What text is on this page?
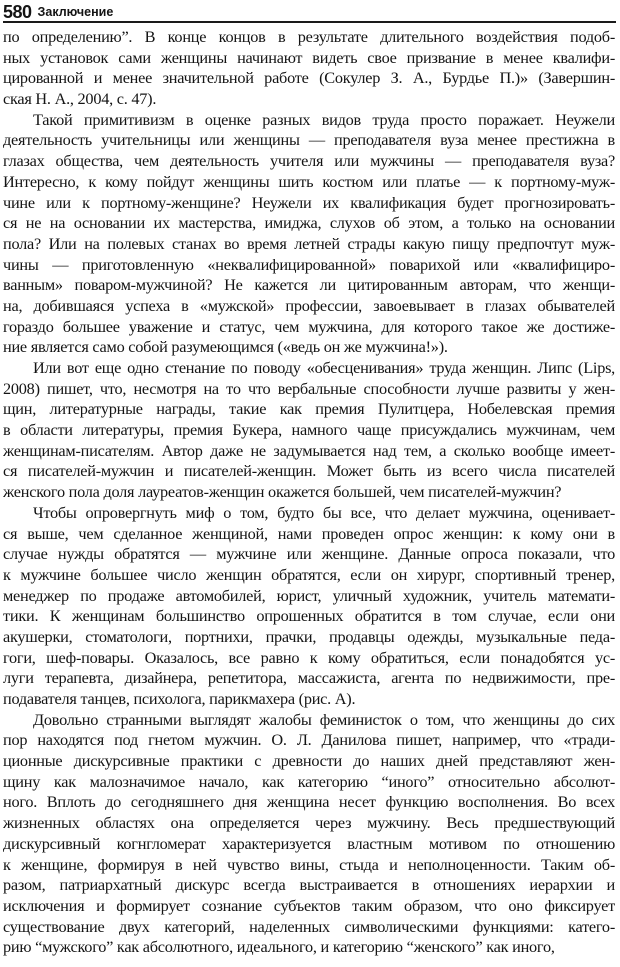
580 Заключение
по определению”. В конце концов в результате длительного воздействия подоб-
ных установок сами женщины начинают видеть свое призвание в менее квалифи-
цированной и менее значительной работе (Сокулер З. А., Бурдье П.)» (Завершин-
ская Н. А., 2004, с. 47).
Такой примитивизм в оценке разных видов труда просто поражает. Неужели
деятельность учительницы или женщины — преподавателя вуза менее престижна в
глазах общества, чем деятельность учителя или мужчины — преподавателя вуза?
Интересно, к кому пойдут женщины шить костюм или платье — к портному-муж-
чине или к портному-женщине? Неужели их квалификация будет прогнозировать-
ся не на основании их мастерства, имиджа, слухов об этом, а только на основании
пола? Или на полевых станах во время летней страды какую пищу предпочтут муж-
чины — приготовленную «неквалифицированной» поварихой или «квалифициро-
ванным» поваром-мужчиной? Не кажется ли цитированным авторам, что женщи-
на, добившаяся успеха в «мужской» профессии, завоевывает в глазах обывателей
гораздо большее уважение и статус, чем мужчина, для которого такое же достиже-
ние является само собой разумеющимся («ведь он же мужчина!»).
Или вот еще одно стенание по поводу «обесценивания» труда женщин. Липс (Lips,
2008) пишет, что, несмотря на то что вербальные способности лучше развиты у жен-
щин, литературные награды, такие как премия Пулитцера, Нобелевская премия
в области литературы, премия Букера, намного чаще присуждались мужчинам, чем
женщинам-писателям. Автор даже не задумывается над тем, а сколько вообще имеет-
ся писателей-мужчин и писателей-женщин. Может быть из всего числа писателей
женского пола доля лауреатов-женщин окажется большей, чем писателей-мужчин?
Чтобы опровергнуть миф о том, будто бы все, что делает мужчина, оценивает-
ся выше, чем сделанное женщиной, нами проведен опрос женщин: к кому они в
случае нужды обратятся — мужчине или женщине. Данные опроса показали, что
к мужчине большее число женщин обратятся, если он хирург, спортивный тренер,
менеджер по продаже автомобилей, юрист, уличный художник, учитель математи-
тики. К женщинам большинство опрошенных обратится в том случае, если они
акушерки, стоматологи, портнихи, прачки, продавцы одежды, музыкальные педа-
гоги, шеф-повары. Оказалось, все равно к кому обратиться, если понадобятся ус-
луги терапевта, дизайнера, репетитора, массажиста, агента по недвижимости, пре-
подавателя танцев, психолога, парикмахера (рис. А).
Довольно странными выглядят жалобы феминисток о том, что женщины до сих
пор находятся под гнетом мужчин. О. Л. Данилова пишет, например, что «тради-
ционные дискурсивные практики с древности до наших дней представляют жен-
щину как малозначимое начало, как категорию “иного” относительно абсолют-
ного. Вплоть до сегодняшнего дня женщина несет функцию восполнения. Во всех
жизненных областях она определяется через мужчину. Весь предшествующий
дискурсивный когнгломерат характеризуется властным мотивом по отношению
к женщине, формируя в ней чувство вины, стыда и неполноценности. Таким об-
разом, патриархатный дискурс всегда выстраивается в отношениях иерархии и
исключения и формирует сознание субъектов таким образом, что оно фиксирует
существование двух категорий, наделенных символическими функциями: катего-
рию “мужского” как абсолютного, идеального, и категорию “женского” как иного,
